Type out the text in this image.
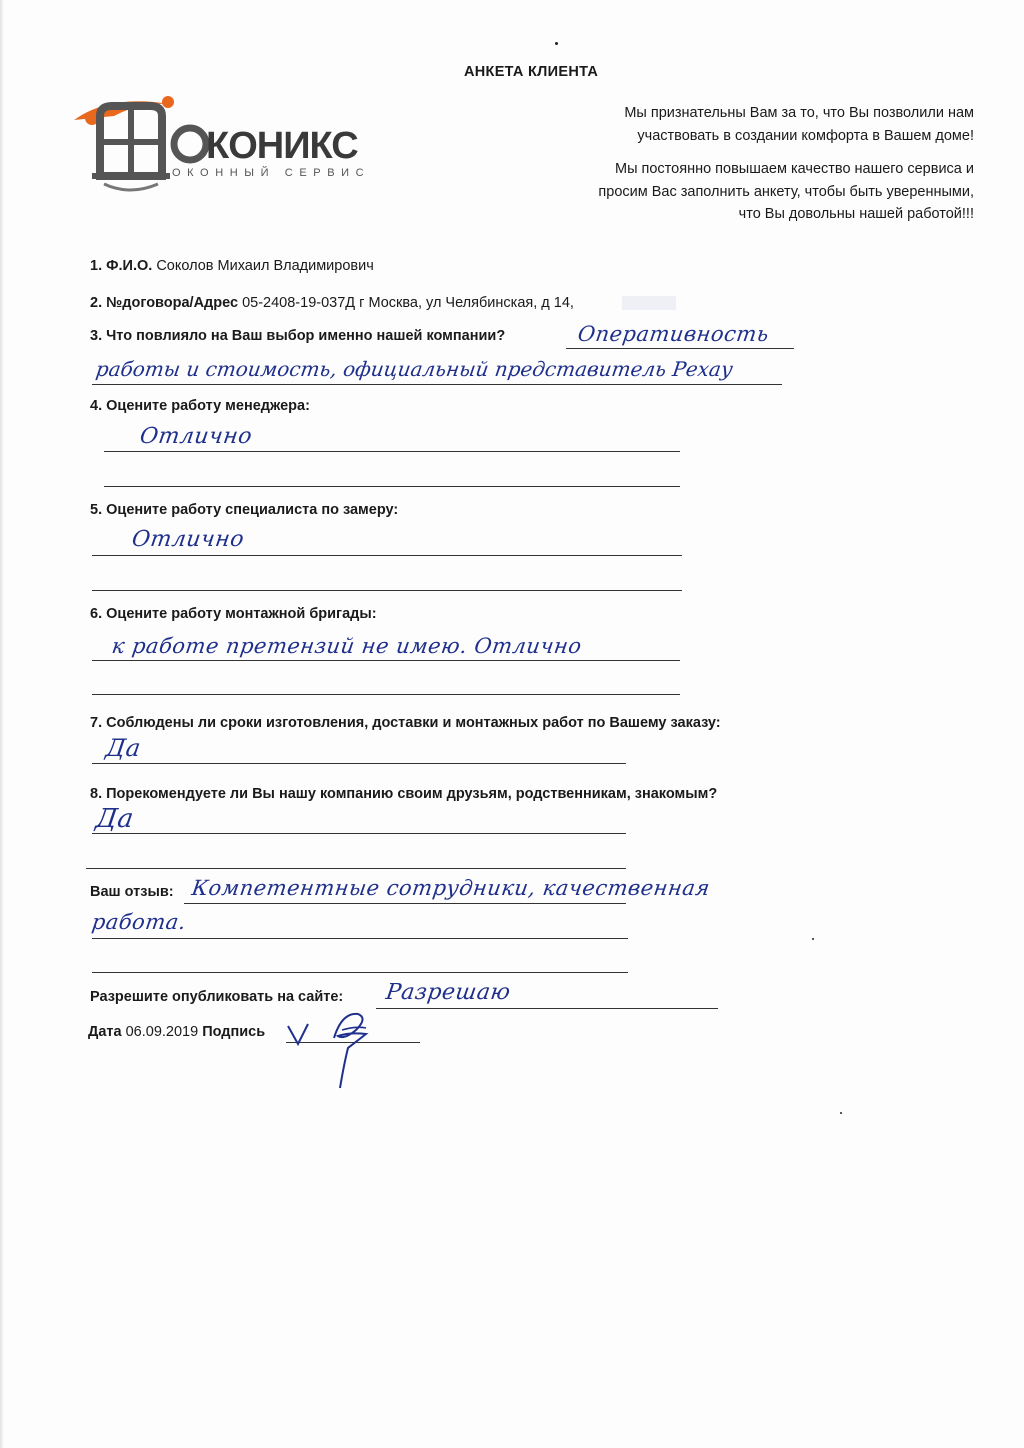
АНКЕТА КЛИЕНТА
Мы признательны Вам за то, что Вы позволили нам
участвовать в создании комфорта в Вашем доме!
Мы постоянно повышаем качество нашего сервиса и
просим Вас заполнить анкету, чтобы быть уверенными,
что Вы довольны нашей работой!!!
КОНИКС
ОКОННЫЙ СЕРВИС
1. Ф.И.О. Соколов Михаил Владимирович
2. №договора/Адрес 05-2408-19-037Д г Москва, ул Челябинская, д 14,
3. Что повлияло на Ваш выбор именно нашей компании?	Оперативность
работы и стоимость, официальный представитель Рехау
4. Оцените работу менеджера:
Отлично
5. Оцените работу специалиста по замеру:
Отлично
6. Оцените работу монтажной бригады:
к работе претензий не имею. Отлично
7. Соблюдены ли сроки изготовления, доставки и монтажных работ по Вашему заказу:
Да
8. Порекомендуете ли Вы нашу компанию своим друзьям, родственникам, знакомым?
Да
Ваш отзыв: Компетентные сотрудники, качественная
работа.
Разрешите опубликовать на сайте: Разрешаю
Дата 06.09.2019 Подпись
